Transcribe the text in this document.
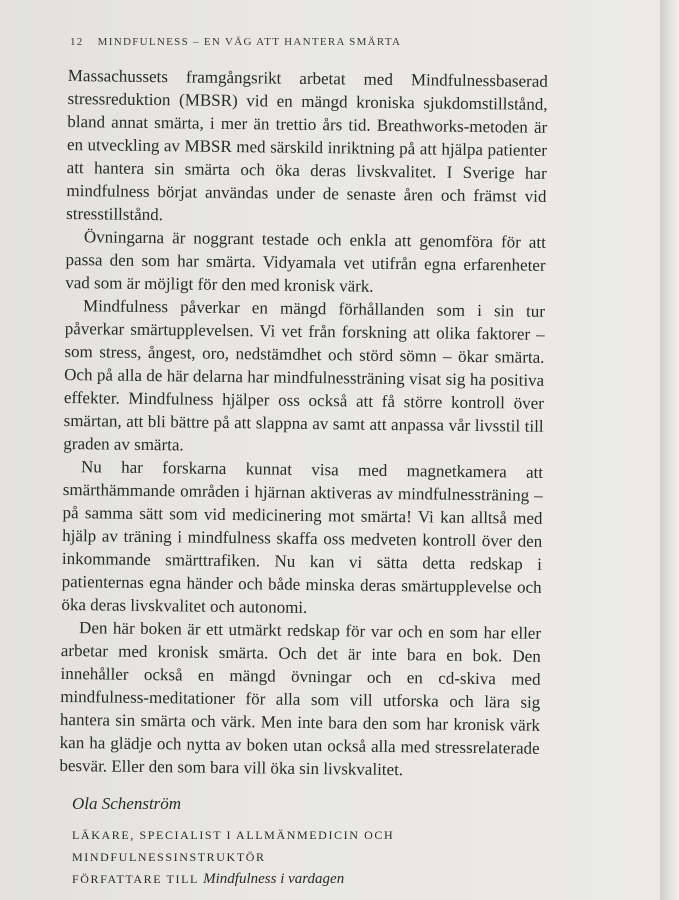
12 MINDFULNESS – EN VÄG ATT HANTERA SMÄRTA

Massachussets framgångsrikt arbetat med Mindfulnessbaserad stressreduktion (MBSR) vid en mängd kroniska sjukdomstillstånd, bland annat smärta, i mer än trettio års tid. Breathworks-metoden är en utveckling av MBSR med särskild inriktning på att hjälpa patienter att hantera sin smärta och öka deras livskvalitet. I Sverige har mindfulness börjat användas under de senaste åren och främst vid stresstillstånd.

Övningarna är noggrant testade och enkla att genomföra för att passa den som har smärta. Vidyamala vet utifrån egna erfarenheter vad som är möjligt för den med kronisk värk.

Mindfulness påverkar en mängd förhållanden som i sin tur påverkar smärtupplevelsen. Vi vet från forskning att olika faktorer – som stress, ångest, oro, nedstämdhet och störd sömn – ökar smärta. Och på alla de här delarna har mindfulnessträning visat sig ha positiva effekter. Mindfulness hjälper oss också att få större kontroll över smärtan, att bli bättre på att slappna av samt att anpassa vår livsstil till graden av smärta.

Nu har forskarna kunnat visa med magnetkamera att smärthämmande områden i hjärnan aktiveras av mindfulnessträning – på samma sätt som vid medicinering mot smärta! Vi kan alltså med hjälp av träning i mindfulness skaffa oss medveten kontroll över den inkommande smärttrafiken. Nu kan vi sätta detta redskap i patienternas egna händer och både minska deras smärtupplevelse och öka deras livskvalitet och autonomi.

Den här boken är ett utmärkt redskap för var och en som har eller arbetar med kronisk smärta. Och det är inte bara en bok. Den innehåller också en mängd övningar och en cd-skiva med mindfulness-meditationer för alla som vill utforska och lära sig hantera sin smärta och värk. Men inte bara den som har kronisk värk kan ha glädje och nytta av boken utan också alla med stressrelaterade besvär. Eller den som bara vill öka sin livskvalitet.

Ola Schenström
LÄKARE, SPECIALIST I ALLMÄNMEDICIN OCH
MINDFULNESSINSTRUKTÖR
FÖRFATTARE TILL Mindfulness i vardagen
